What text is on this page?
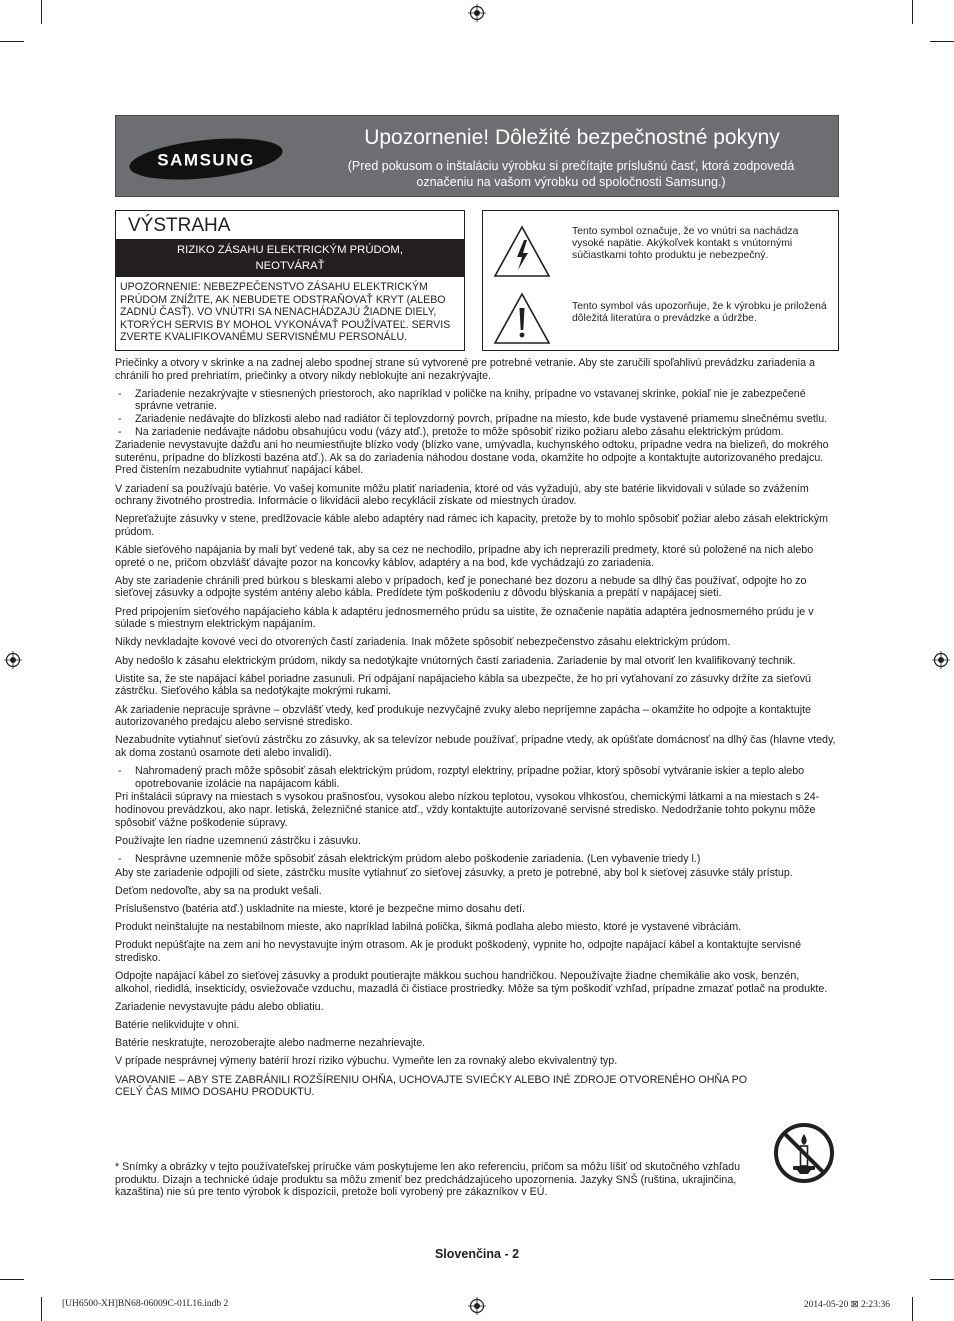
SAMSUNG
Upozornenie! Dôležité bezpečnostné pokyny
(Pred pokusom o inštaláciu výrobku si prečítajte príslušnú časť, ktorá zodpovedá
označeniu na vašom výrobku od spoločnosti Samsung.)
VÝSTRAHA
RIZIKO ZÁSAHU ELEKTRICKÝM PRÚDOM,
NEOTVÁRAŤ
UPOZORNENIE: NEBEZPEČENSTVO ZÁSAHU ELEKTRICKÝM PRÚDOM ZNÍŽITE, AK NEBUDETE ODSTRAŇOVAŤ KRYT (ALEBO ZADNÚ ČASŤ). VO VNÚTRI SA NENACHÁDZAJÚ ŽIADNE DIELY, KTORÝCH SERVIS BY MOHOL VYKONÁVAŤ POUŽÍVATEĽ. SERVIS ZVERTE KVALIFIKOVANÉMU SERVISNÉMU PERSONÁLU.
Tento symbol označuje, že vo vnútri sa nachádza vysoké napätie. Akýkoľvek kontakt s vnútornými súčiastkami tohto produktu je nebezpečný.
Tento symbol vás upozorňuje, že k výrobku je priložená dôležitá literatúra o prevádzke a údržbe.

Priečinky a otvory v skrinke a na zadnej alebo spodnej strane sú vytvorené pre potrebné vetranie. Aby ste zaručili spoľahlivú prevádzku zariadenia a chránili ho pred prehriatím, priečinky a otvory nikdy neblokujte ani nezakrývajte.

- Zariadenie nezakrývajte v stiesnených priestoroch, ako napríklad v poličke na knihy, prípadne vo vstavanej skrinke, pokiaľ nie je zabezpečené správne vetranie.
- Zariadenie nedávajte do blízkosti alebo nad radiátor či teplovzdorný povrch, prípadne na miesto, kde bude vystavené priamemu slnečnému svetlu.
- Na zariadenie nedávajte nádobu obsahujúcu vodu (vázy atď.), pretože to môže spôsobiť riziko požiaru alebo zásahu elektrickým prúdom.

Zariadenie nevystavujte dažďu ani ho neumiestňujte blízko vody (blízko vane, umývadla, kuchynského odtoku, prípadne vedra na bielizeň, do mokrého suterénu, prípadne do blízkosti bazéna atď.). Ak sa do zariadenia náhodou dostane voda, okamžite ho odpojte a kontaktujte autorizovaného predajcu. Pred čistením nezabudnite vytiahnuť napájací kábel.

V zariadení sa používajú batérie. Vo vašej komunite môžu platiť nariadenia, ktoré od vás vyžadujú, aby ste batérie likvidovali v súlade so zvážením ochrany životného prostredia. Informácie o likvidácii alebo recyklácii získate od miestnych úradov.

Nepreťažujte zásuvky v stene, predlžovacie káble alebo adaptéry nad rámec ich kapacity, pretože by to mohlo spôsobiť požiar alebo zásah elektrickým prúdom.

Káble sieťového napájania by mali byť vedené tak, aby sa cez ne nechodilo, prípadne aby ich neprerazili predmety, ktoré sú položené na nich alebo opreté o ne, pričom obzvlášť dávajte pozor na koncovky káblov, adaptéry a na bod, kde vychádzajú zo zariadenia.

Aby ste zariadenie chránili pred búrkou s bleskami alebo v prípadoch, keď je ponechané bez dozoru a nebude sa dlhý čas používať, odpojte ho zo sieťovej zásuvky a odpojte systém antény alebo kábla. Predídete tým poškodeniu z dôvodu blýskania a prepätí v napájacej sieti.

Pred pripojením sieťového napájacieho kábla k adaptéru jednosmerného prúdu sa uistite, že označenie napätia adaptéra jednosmerného prúdu je v súlade s miestnym elektrickým napájaním.

Nikdy nevkladajte kovové veci do otvorených častí zariadenia. Inak môžete spôsobiť nebezpečenstvo zásahu elektrickým prúdom.

Aby nedošlo k zásahu elektrickým prúdom, nikdy sa nedotýkajte vnútorných častí zariadenia. Zariadenie by mal otvoriť len kvalifikovaný technik.

Uistite sa, že ste napájací kábel poriadne zasunuli. Pri odpájaní napájacieho kábla sa ubezpečte, že ho pri vyťahovaní zo zásuvky držíte za sieťovú zástrčku. Sieťového kábla sa nedotýkajte mokrými rukami.

Ak zariadenie nepracuje správne – obzvlášť vtedy, keď produkuje nezvyčajné zvuky alebo nepríjemne zapácha – okamžite ho odpojte a kontaktujte autorizovaného predajcu alebo servisné stredisko.

Nezabudnite vytiahnuť sieťovú zástrčku zo zásuvky, ak sa televízor nebude používať, prípadne vtedy, ak opúšťate domácnosť na dlhý čas (hlavne vtedy, ak doma zostanú osamote deti alebo invalidi).

- Nahromadený prach môže spôsobiť zásah elektrickým prúdom, rozptyl elektriny, prípadne požiar, ktorý spôsobí vytváranie iskier a teplo alebo opotrebovanie izolácie na napájacom kábli.

Pri inštalácii súpravy na miestach s vysokou prašnosťou, vysokou alebo nízkou teplotou, vysokou vlhkosťou, chemickými látkami a na miestach s 24-hodinovou prevádzkou, ako napr. letiská, železničné stanice atď., vždy kontaktujte autorizované servisné stredisko. Nedodržanie tohto pokynu môže spôsobiť vážne poškodenie súpravy.

Používajte len riadne uzemnenú zástrčku i zásuvku.

- Nesprávne uzemnenie môže spôsobiť zásah elektrickým prúdom alebo poškodenie zariadenia. (Len vybavenie triedy l.)

Aby ste zariadenie odpojili od siete, zástrčku musíte vytiahnuť zo sieťovej zásuvky, a preto je potrebné, aby bol k sieťovej zásuvke stály prístup.

Deťom nedovoľte, aby sa na produkt vešali.

Príslušenstvo (batéria atď.) uskladnite na mieste, ktoré je bezpečne mimo dosahu detí.

Produkt neinštalujte na nestabilnom mieste, ako napríklad labilná polička, šikmá podlaha alebo miesto, ktoré je vystavené vibráciám.

Produkt nepúšťajte na zem ani ho nevystavujte iným otrasom. Ak je produkt poškodený, vypnite ho, odpojte napájací kábel a kontaktujte servisné stredisko.

Odpojte napájací kábel zo sieťovej zásuvky a produkt poutierajte mäkkou suchou handričkou. Nepoužívajte žiadne chemikálie ako vosk, benzén, alkohol, riedidlá, insekticídy, osviežovače vzduchu, mazadlá či čistiace prostriedky. Môže sa tým poškodiť vzhľad, prípadne zmazať potlač na produkte.

Zariadenie nevystavujte pádu alebo obliatiu.

Batérie nelikvidujte v ohni.

Batérie neskratujte, nerozoberajte alebo nadmerne nezahrievajte.

V prípade nesprávnej výmeny batérií hrozí riziko výbuchu. Vymeňte len za rovnaký alebo ekvivalentný typ.

VAROVANIE – ABY STE ZABRÁNILI ROZŠÍRENIU OHŇA, UCHOVAJTE SVIEČKY ALEBO INÉ ZDROJE OTVORENÉHO OHŇA PO CELÝ ČAS MIMO DOSAHU PRODUKTU.

* Snímky a obrázky v tejto používateľskej príručke vám poskytujeme len ako referenciu, pričom sa môžu líšiť od skutočného vzhľadu produktu. Dizajn a technické údaje produktu sa môžu zmeniť bez predchádzajúceho upozornenia. Jazyky SNŠ (ruština, ukrajinčina, kazaština) nie sú pre tento výrobok k dispozícii, pretože boli vyrobený pre zákazníkov v EÚ.
Slovenčina - 2
[UH6500-XH]BN68-06009C-01L16.indb 2	2014-05-20 ⊠ 2:23:36
